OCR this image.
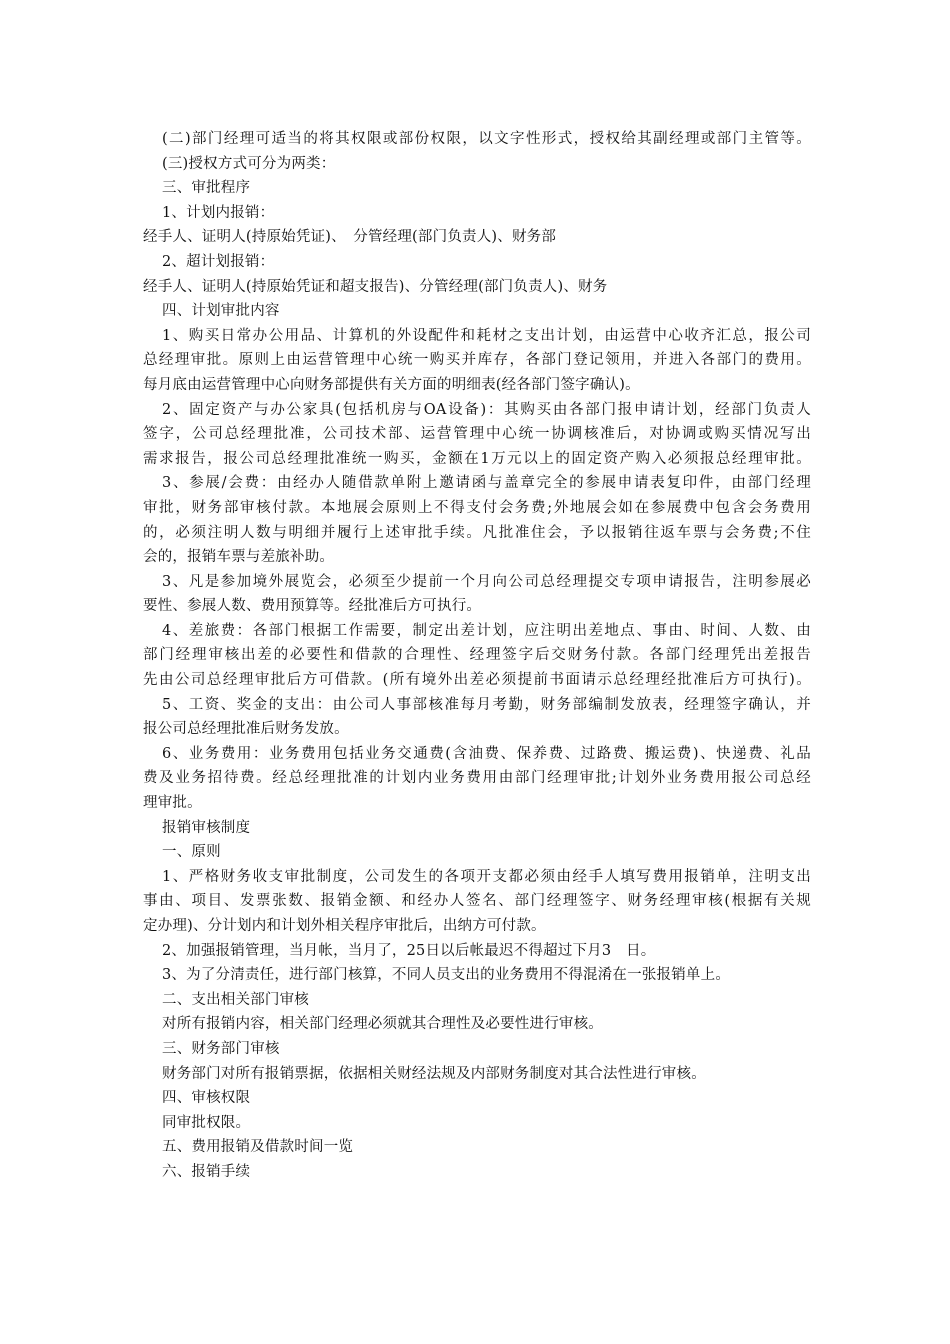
(二)部门经理可适当的将其权限或部份权限，以文字性形式，授权给其副经理或部门主管等。
(三)授权方式可分为两类：
三、审批程序
1、计划内报销：
经手人、证明人(持原始凭证)、　分管经理(部门负责人)、财务部
2、超计划报销：
经手人、证明人(持原始凭证和超支报告)、分管经理(部门负责人)、财务
四、计划审批内容
1、购买日常办公用品、计算机的外设配件和耗材之支出计划，由运营中心收齐汇总，报公司
总经理审批。原则上由运营管理中心统一购买并库存，各部门登记领用，并进入各部门的费用。
每月底由运营管理中心向财务部提供有关方面的明细表(经各部门签字确认)。
2、固定资产与办公家具(包括机房与OA设备)：其购买由各部门报申请计划，经部门负责人
签字，公司总经理批准，公司技术部、运营管理中心统一协调核准后，对协调或购买情况写出
需求报告，报公司总经理批准统一购买，金额在1万元以上的固定资产购入必须报总经理审批。
3、参展/会费：由经办人随借款单附上邀请函与盖章完全的参展申请表复印件，由部门经理
审批，财务部审核付款。本地展会原则上不得支付会务费;外地展会如在参展费中包含会务费用
的，必须注明人数与明细并履行上述审批手续。凡批准住会，予以报销往返车票与会务费;不住
会的，报销车票与差旅补助。
3、凡是参加境外展览会，必须至少提前一个月向公司总经理提交专项申请报告，注明参展必
要性、参展人数、费用预算等。经批准后方可执行。
4、差旅费：各部门根据工作需要，制定出差计划，应注明出差地点、事由、时间、人数、由
部门经理审核出差的必要性和借款的合理性、经理签字后交财务付款。各部门经理凭出差报告
先由公司总经理审批后方可借款。(所有境外出差必须提前书面请示总经理经批准后方可执行)。
5、工资、奖金的支出：由公司人事部核准每月考勤，财务部编制发放表，经理签字确认，并
报公司总经理批准后财务发放。
6、业务费用：业务费用包括业务交通费(含油费、保养费、过路费、搬运费)、快递费、礼品
费及业务招待费。经总经理批准的计划内业务费用由部门经理审批;计划外业务费用报公司总经
理审批。
报销审核制度
一、原则
1、严格财务收支审批制度，公司发生的各项开支都必须由经手人填写费用报销单，注明支出
事由、项目、发票张数、报销金额、和经办人签名、部门经理签字、财务经理审核(根据有关规
定办理)、分计划内和计划外相关程序审批后，出纳方可付款。
2、加强报销管理，当月帐，当月了，25日以后帐最迟不得超过下月3　日。
3、为了分清责任，进行部门核算，不同人员支出的业务费用不得混淆在一张报销单上。
二、支出相关部门审核
对所有报销内容，相关部门经理必须就其合理性及必要性进行审核。
三、财务部门审核
财务部门对所有报销票据，依据相关财经法规及内部财务制度对其合法性进行审核。
四、审核权限
同审批权限。
五、费用报销及借款时间一览
六、报销手续
